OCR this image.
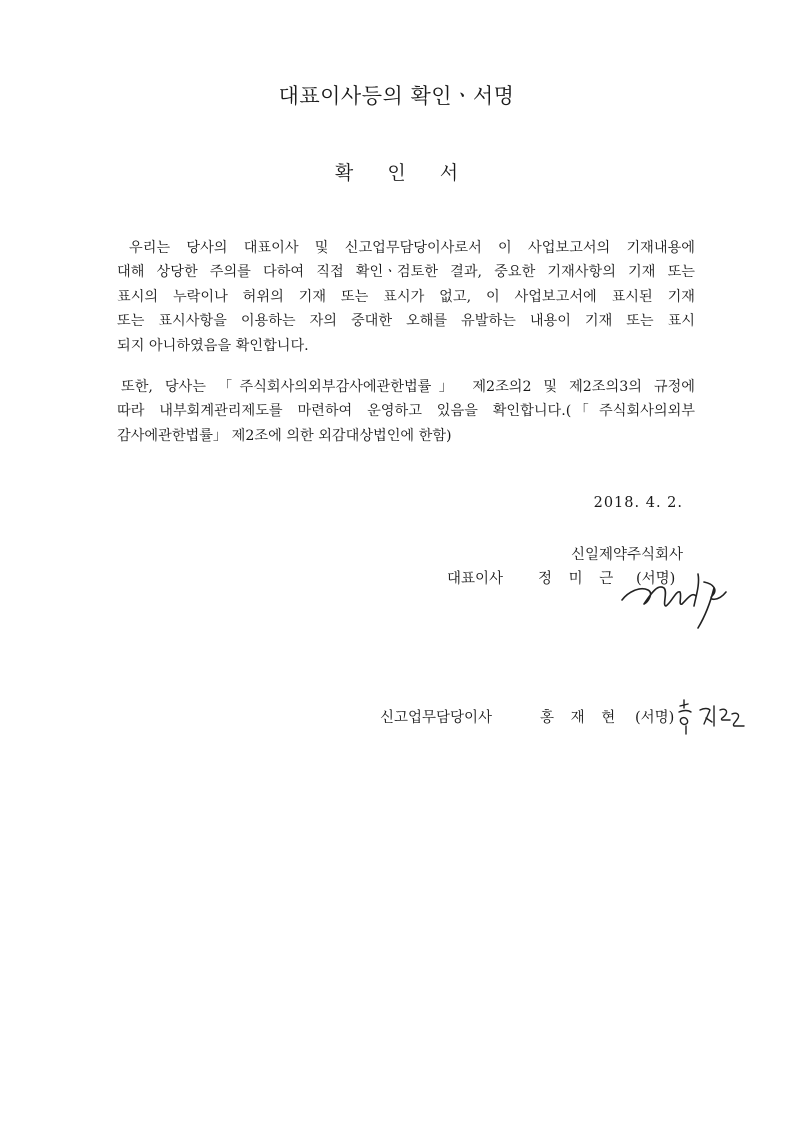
대표이사등의 확인ㆍ서명
확 인 서
우리는 당사의 대표이사 및 신고업무담당이사로서 이 사업보고서의 기재내용에
대해 상당한 주의를 다하여 직접 확인ㆍ검토한 결과, 중요한 기재사항의 기재 또는
표시의 누락이나 허위의 기재 또는 표시가 없고, 이 사업보고서에 표시된 기재
또는 표시사항을 이용하는 자의 중대한 오해를 유발하는 내용이 기재 또는 표시
되지 아니하였음을 확인합니다.
또한, 당사는 「주식회사의외부감사에관한법률」 제2조의2 및 제2조의3의 규정에
따라 내부회계관리제도를 마련하여 운영하고 있음을 확인합니다.(「주식회사의외부
감사에관한법률」 제2조에 의한 외감대상법인에 한함)
2018. 4. 2.
신일제약주식회사
대표이사 정 미 근 (서명)
신고업무담당이사	홍 재 현 (서명)
